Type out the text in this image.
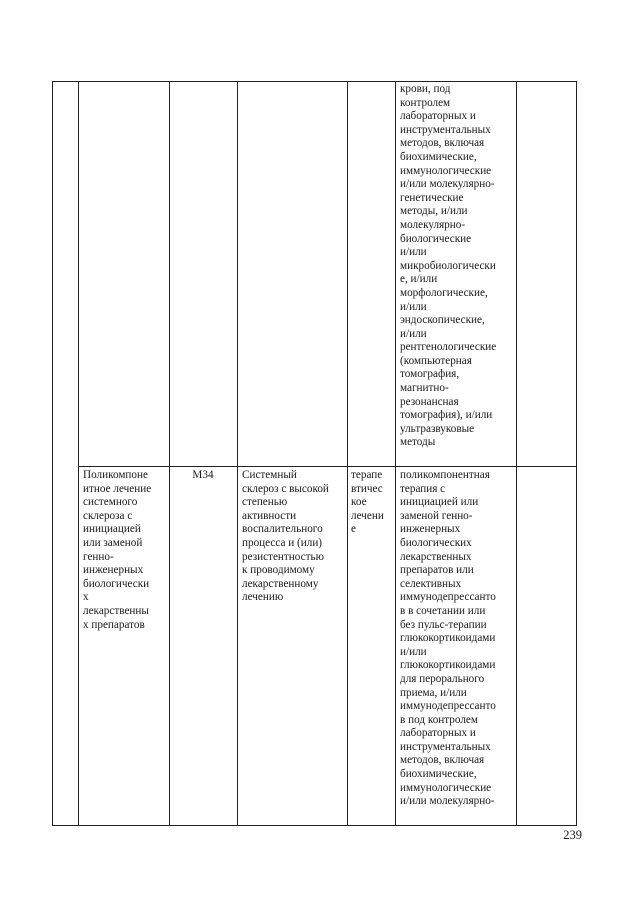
крови, под
контролем
лабораторных и
инструментальных
методов, включая
биохимические,
иммунологические
и/или молекулярно-
генетические
методы, и/или
молекулярно-
биологические
и/или
микробиологически
е, и/или
морфологические,
и/или
эндоскопические,
и/или
рентгенологические
(компьютерная
томография,
магнитно-
резонансная
томография), и/или
ультразвуковые
методы
Поликомпоне
итное лечение
системного
склероза с
инициацией
или заменой
генно-
инженерных
биологически
х
лекарственны
х препаратов
М34	Системный
склероз с высокой
степенью
активности
воспалительного
процесса и (или)
резистентностью
к проводимому
лекарственному
лечению
терапе
втичес
кое
лечени
е
поликомпонентная
терапия с
инициацией или
заменой генно-
инженерных
биологических
лекарственных
препаратов или
селективных
иммунодепрессанто
в в сочетании или
без пульс-терапии
глюкокортикоидами
и/или
глюкокортикоидами
для перорального
приема, и/или
иммунодепрессанто
в под контролем
лабораторных и
инструментальных
методов, включая
биохимические,
иммунологические
и/или молекулярно-
239
